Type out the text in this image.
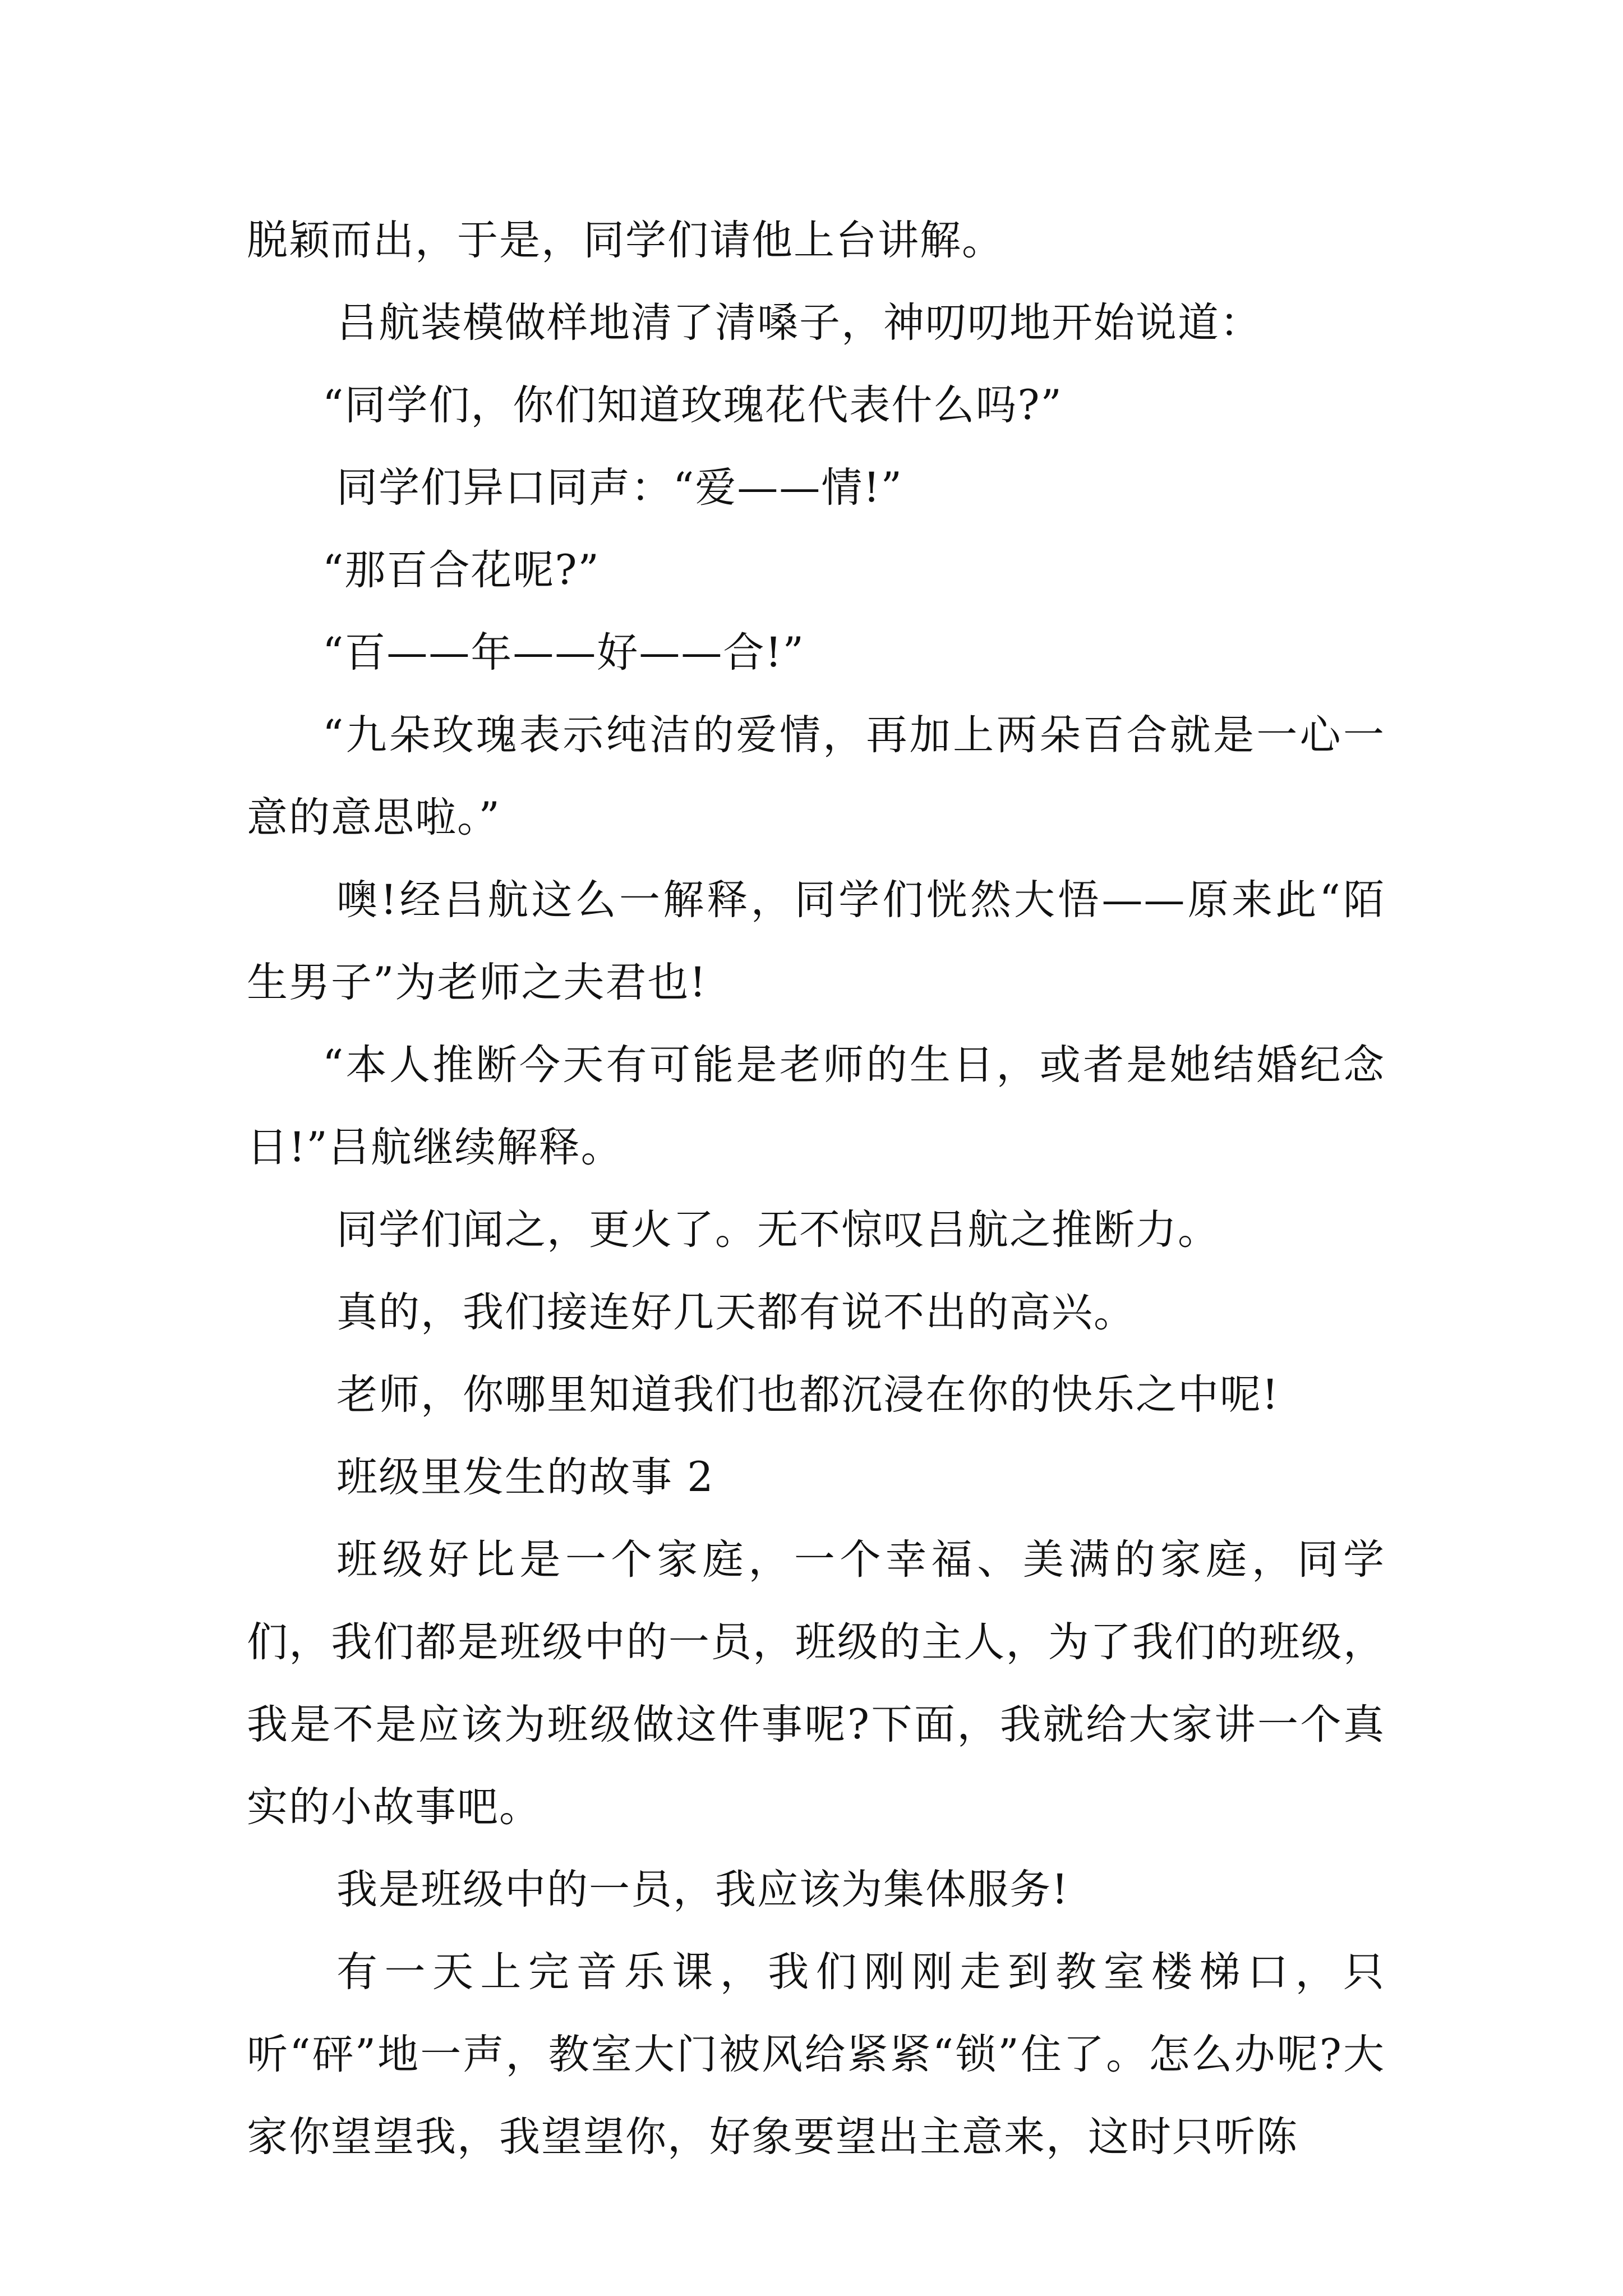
脱颖而出，于是，同学们请他上台讲解。

吕航装模做样地清了清嗓子，神叨叨地开始说道：

“同学们，你们知道玫瑰花代表什么吗?”

同学们异口同声：“爱——情!”

“那百合花呢?”

“百——年——好——合!”

“九朵玫瑰表示纯洁的爱情，再加上两朵百合就是一心一意的意思啦。”

噢!经吕航这么一解释，同学们恍然大悟——原来此“陌生男子”为老师之夫君也!

“本人推断今天有可能是老师的生日，或者是她结婚纪念日!”吕航继续解释。

同学们闻之，更火了。无不惊叹吕航之推断力。

真的，我们接连好几天都有说不出的高兴。

老师，你哪里知道我们也都沉浸在你的快乐之中呢!

班级里发生的故事 2

班级好比是一个家庭，一个幸福、美满的家庭，同学们，我们都是班级中的一员，班级的主人，为了我们的班级，我是不是应该为班级做这件事呢?下面，我就给大家讲一个真实的小故事吧。

我是班级中的一员，我应该为集体服务!

有一天上完音乐课，我们刚刚走到教室楼梯口，只听“砰”地一声，教室大门被风给紧紧“锁”住了。怎么办呢?大家你望望我，我望望你，好象要望出主意来，这时只听陈
